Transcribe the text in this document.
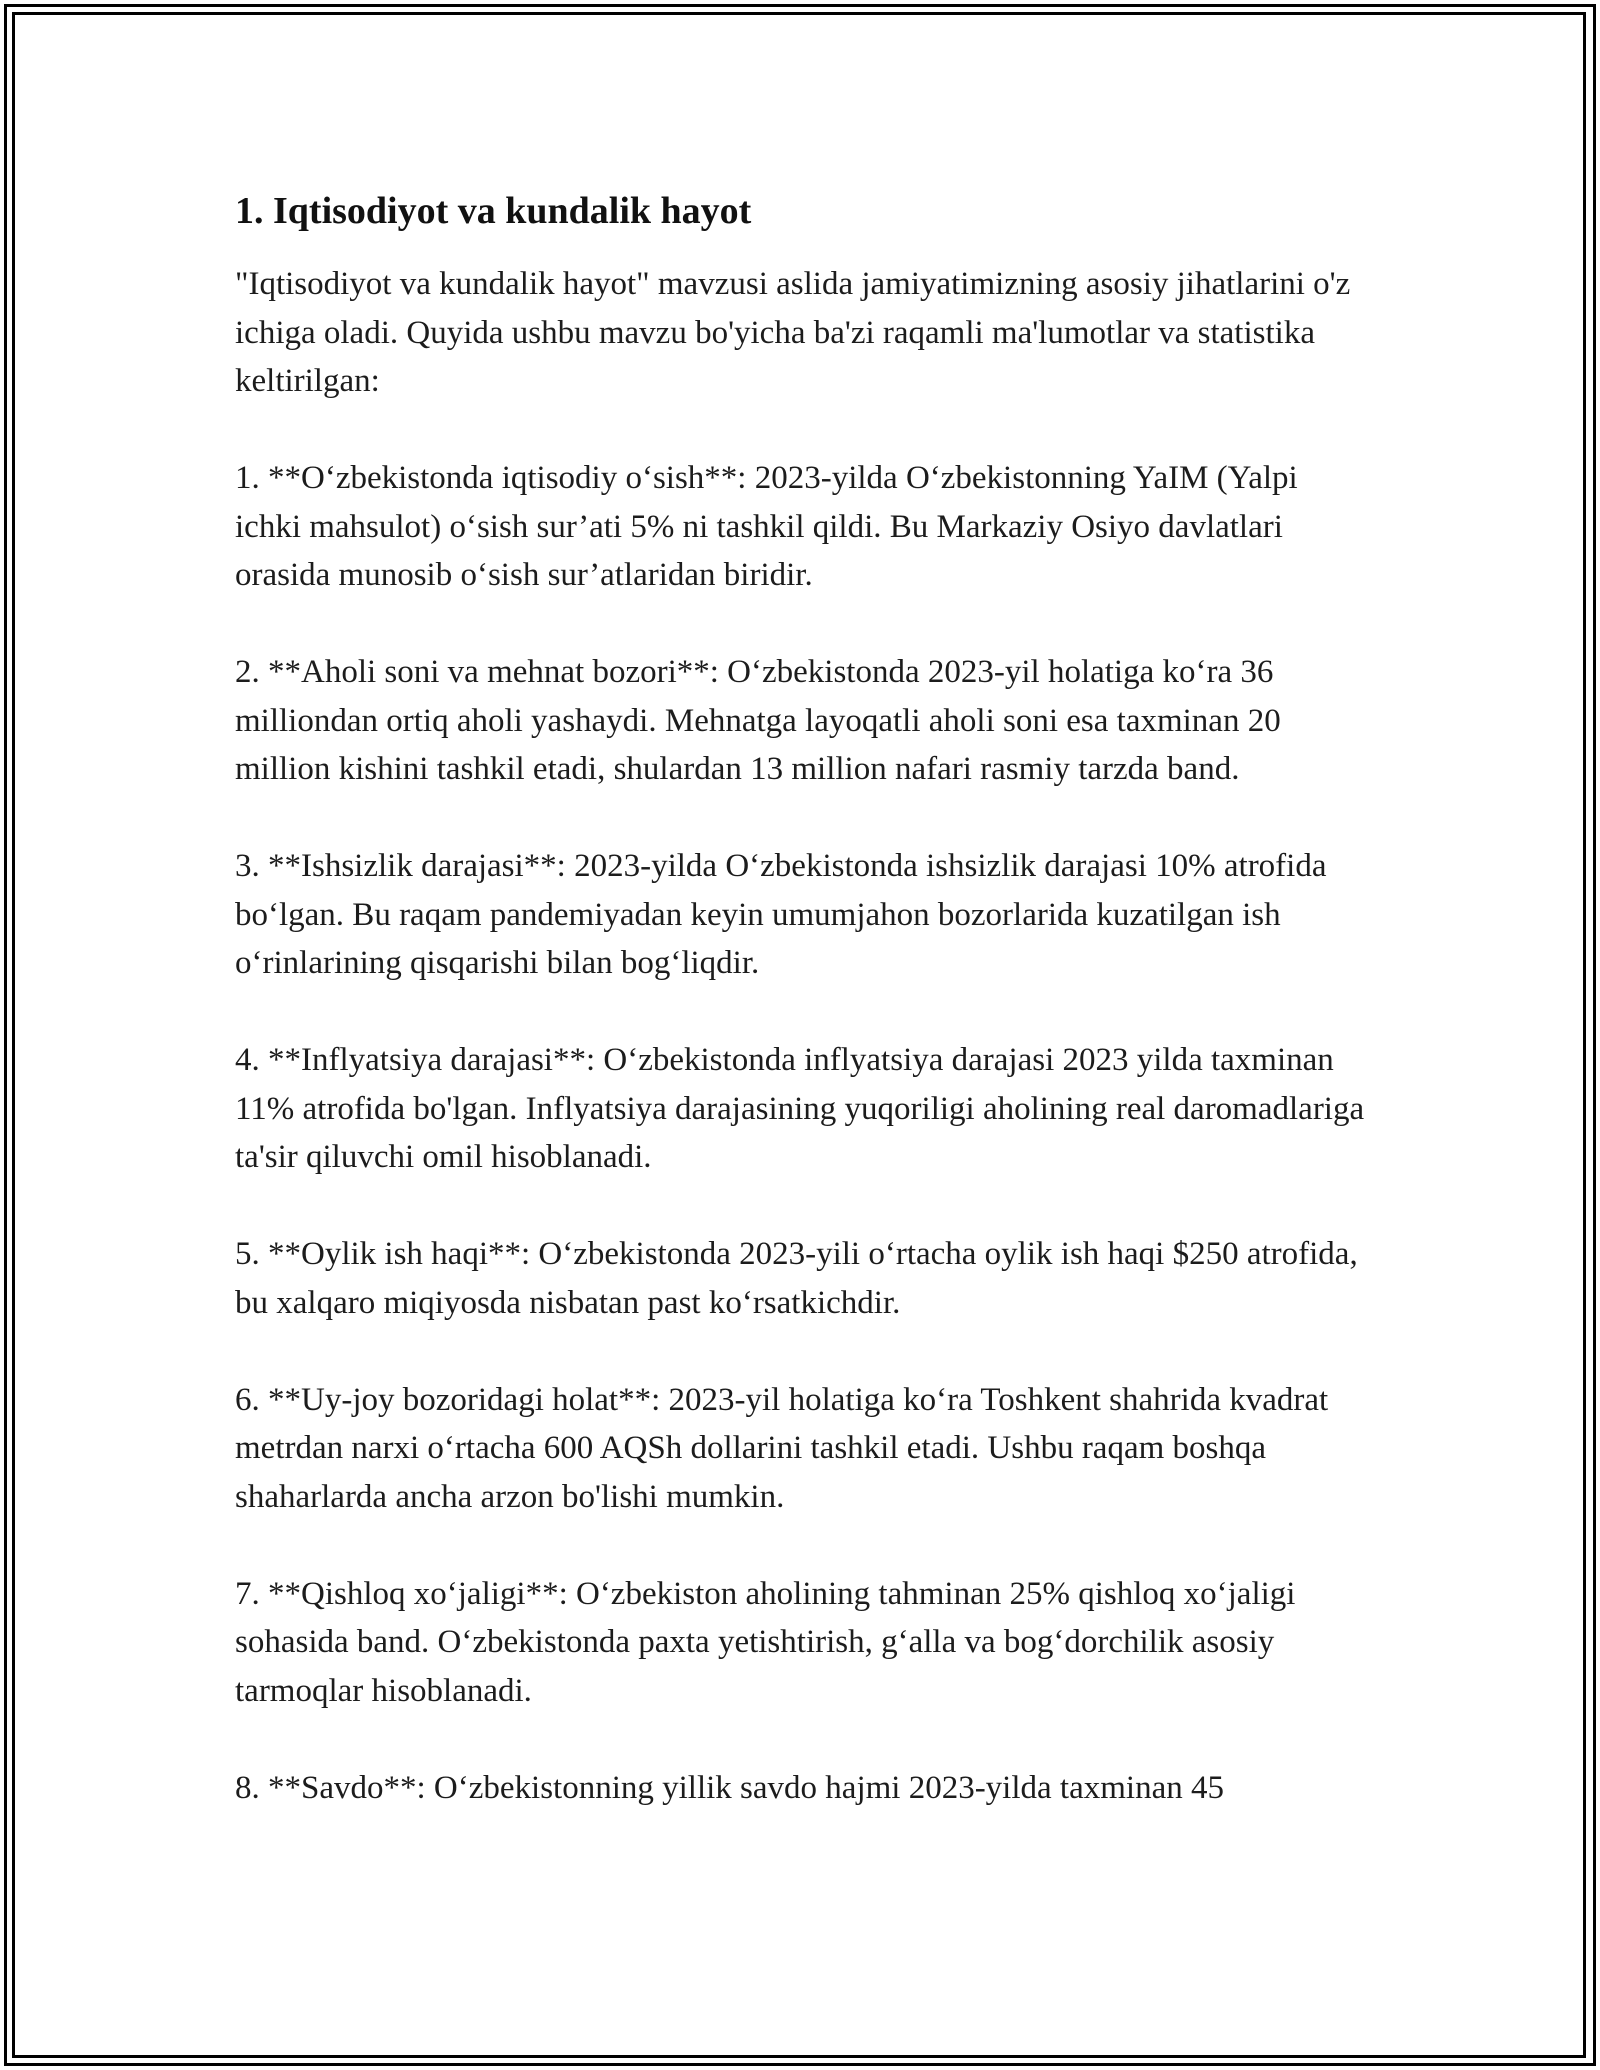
1. Iqtisodiyot va kundalik hayot

"Iqtisodiyot va kundalik hayot" mavzusi aslida jamiyatimizning asosiy jihatlarini o'z ichiga oladi. Quyida ushbu mavzu bo'yicha ba'zi raqamli ma'lumotlar va statistika keltirilgan:

1. **O‘zbekistonda iqtisodiy o‘sish**: 2023-yilda O‘zbekistonning YaIM (Yalpi ichki mahsulot) o‘sish sur’ati 5% ni tashkil qildi. Bu Markaziy Osiyo davlatlari orasida munosib o‘sish sur’atlaridan biridir.

2. **Aholi soni va mehnat bozori**: O‘zbekistonda 2023-yil holatiga ko‘ra 36 milliondan ortiq aholi yashaydi. Mehnatga layoqatli aholi soni esa taxminan 20 million kishini tashkil etadi, shulardan 13 million nafari rasmiy tarzda band.

3. **Ishsizlik darajasi**: 2023-yilda O‘zbekistonda ishsizlik darajasi 10% atrofida bo‘lgan. Bu raqam pandemiyadan keyin umumjahon bozorlarida kuzatilgan ish o‘rinlarining qisqarishi bilan bog‘liqdir.

4. **Inflyatsiya darajasi**: O‘zbekistonda inflyatsiya darajasi 2023 yilda taxminan 11% atrofida bo'lgan. Inflyatsiya darajasining yuqoriligi aholining real daromadlariga ta'sir qiluvchi omil hisoblanadi.

5. **Oylik ish haqi**: O‘zbekistonda 2023-yili o‘rtacha oylik ish haqi $250 atrofida, bu xalqaro miqiyosda nisbatan past ko‘rsatkichdir.

6. **Uy-joy bozoridagi holat**: 2023-yil holatiga ko‘ra Toshkent shahrida kvadrat metrdan narxi o‘rtacha 600 AQSh dollarini tashkil etadi. Ushbu raqam boshqa shaharlarda ancha arzon bo'lishi mumkin.

7. **Qishloq xo‘jaligi**: O‘zbekiston aholining tahminan 25% qishloq xo‘jaligi sohasida band. O‘zbekistonda paxta yetishtirish, g‘alla va bog‘dorchilik asosiy tarmoqlar hisoblanadi.

8. **Savdo**: O‘zbekistonning yillik savdo hajmi 2023-yilda taxminan 45
